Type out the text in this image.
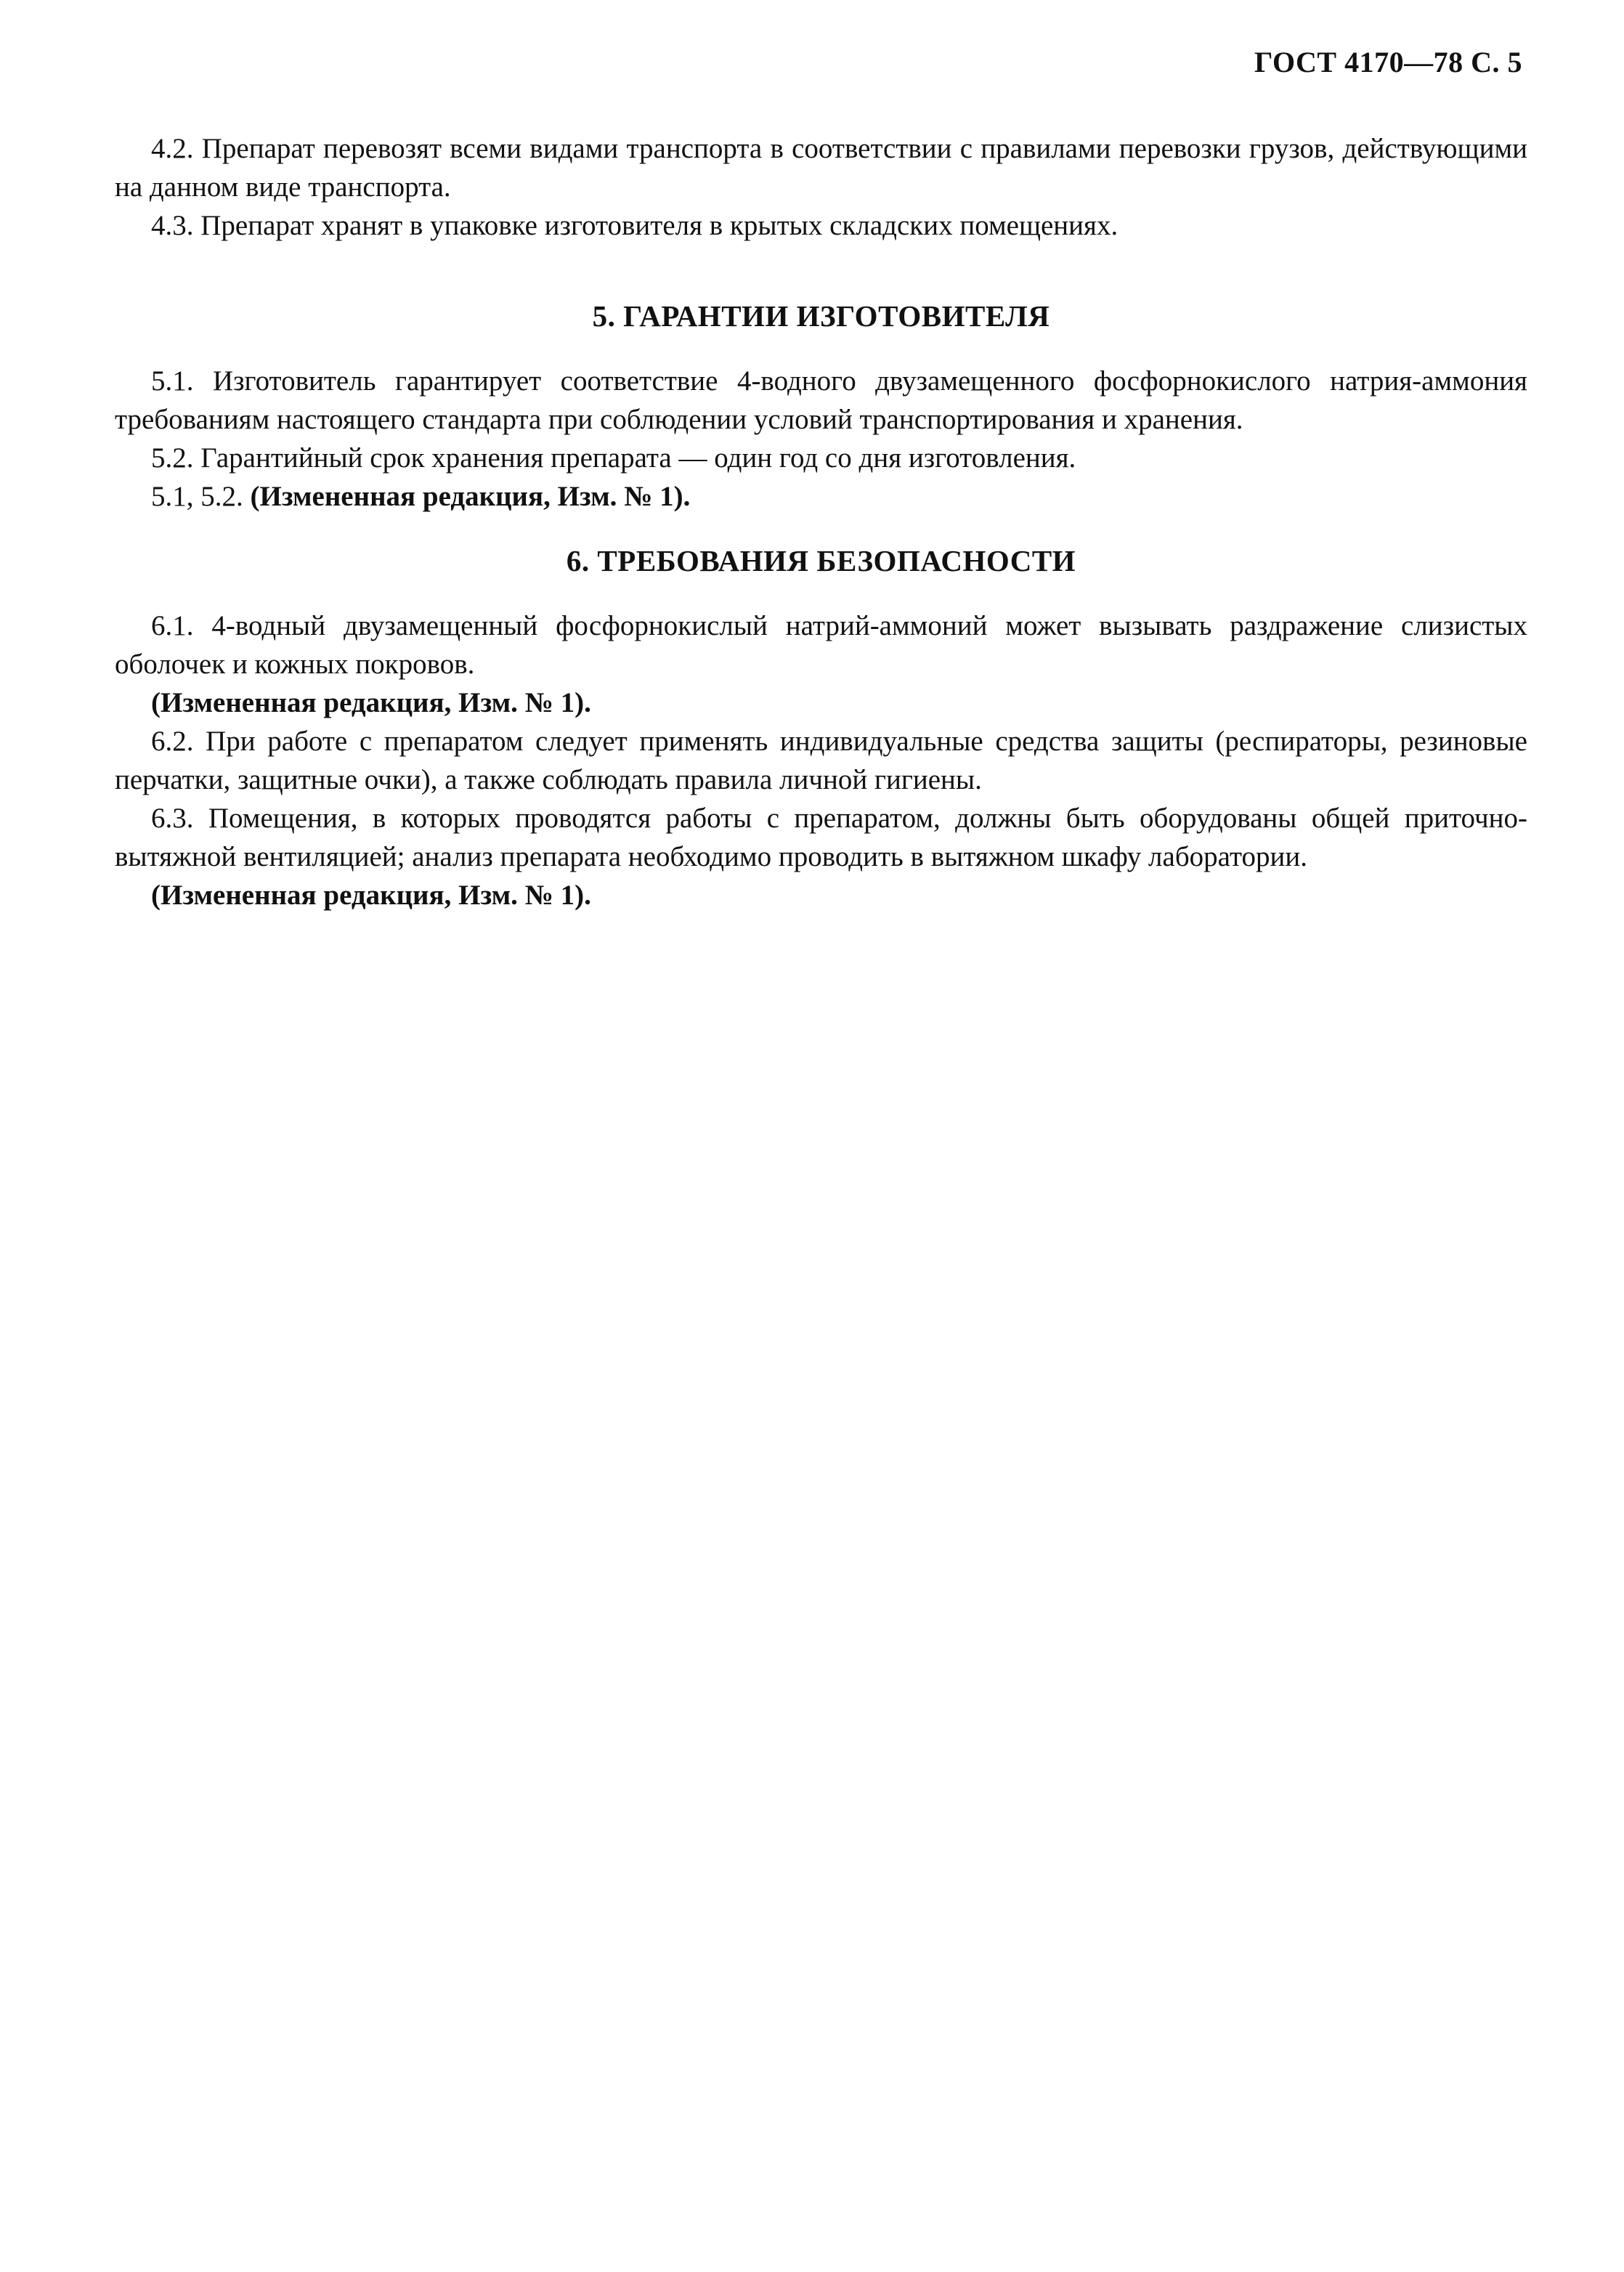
ГОСТ 4170—78 С. 5

4.2. Препарат перевозят всеми видами транспорта в соответствии с правилами перевозки грузов, действующими на данном виде транспорта.

4.3. Препарат хранят в упаковке изготовителя в крытых складских помещениях.

5. ГАРАНТИИ ИЗГОТОВИТЕЛЯ

5.1. Изготовитель гарантирует соответствие 4-водного двузамещенного фосфорнокислого натрия-аммония требованиям настоящего стандарта при соблюдении условий транспортирования и хранения.

5.2. Гарантийный срок хранения препарата — один год со дня изготовления.

5.1, 5.2. (Измененная редакция, Изм. № 1).

6. ТРЕБОВАНИЯ БЕЗОПАСНОСТИ

6.1. 4-водный двузамещенный фосфорнокислый натрий-аммоний может вызывать раздражение слизистых оболочек и кожных покровов.

(Измененная редакция, Изм. № 1).

6.2. При работе с препаратом следует применять индивидуальные средства защиты (респираторы, резиновые перчатки, защитные очки), а также соблюдать правила личной гигиены.

6.3. Помещения, в которых проводятся работы с препаратом, должны быть оборудованы общей приточно-вытяжной вентиляцией; анализ препарата необходимо проводить в вытяжном шкафу лаборатории.

(Измененная редакция, Изм. № 1).
